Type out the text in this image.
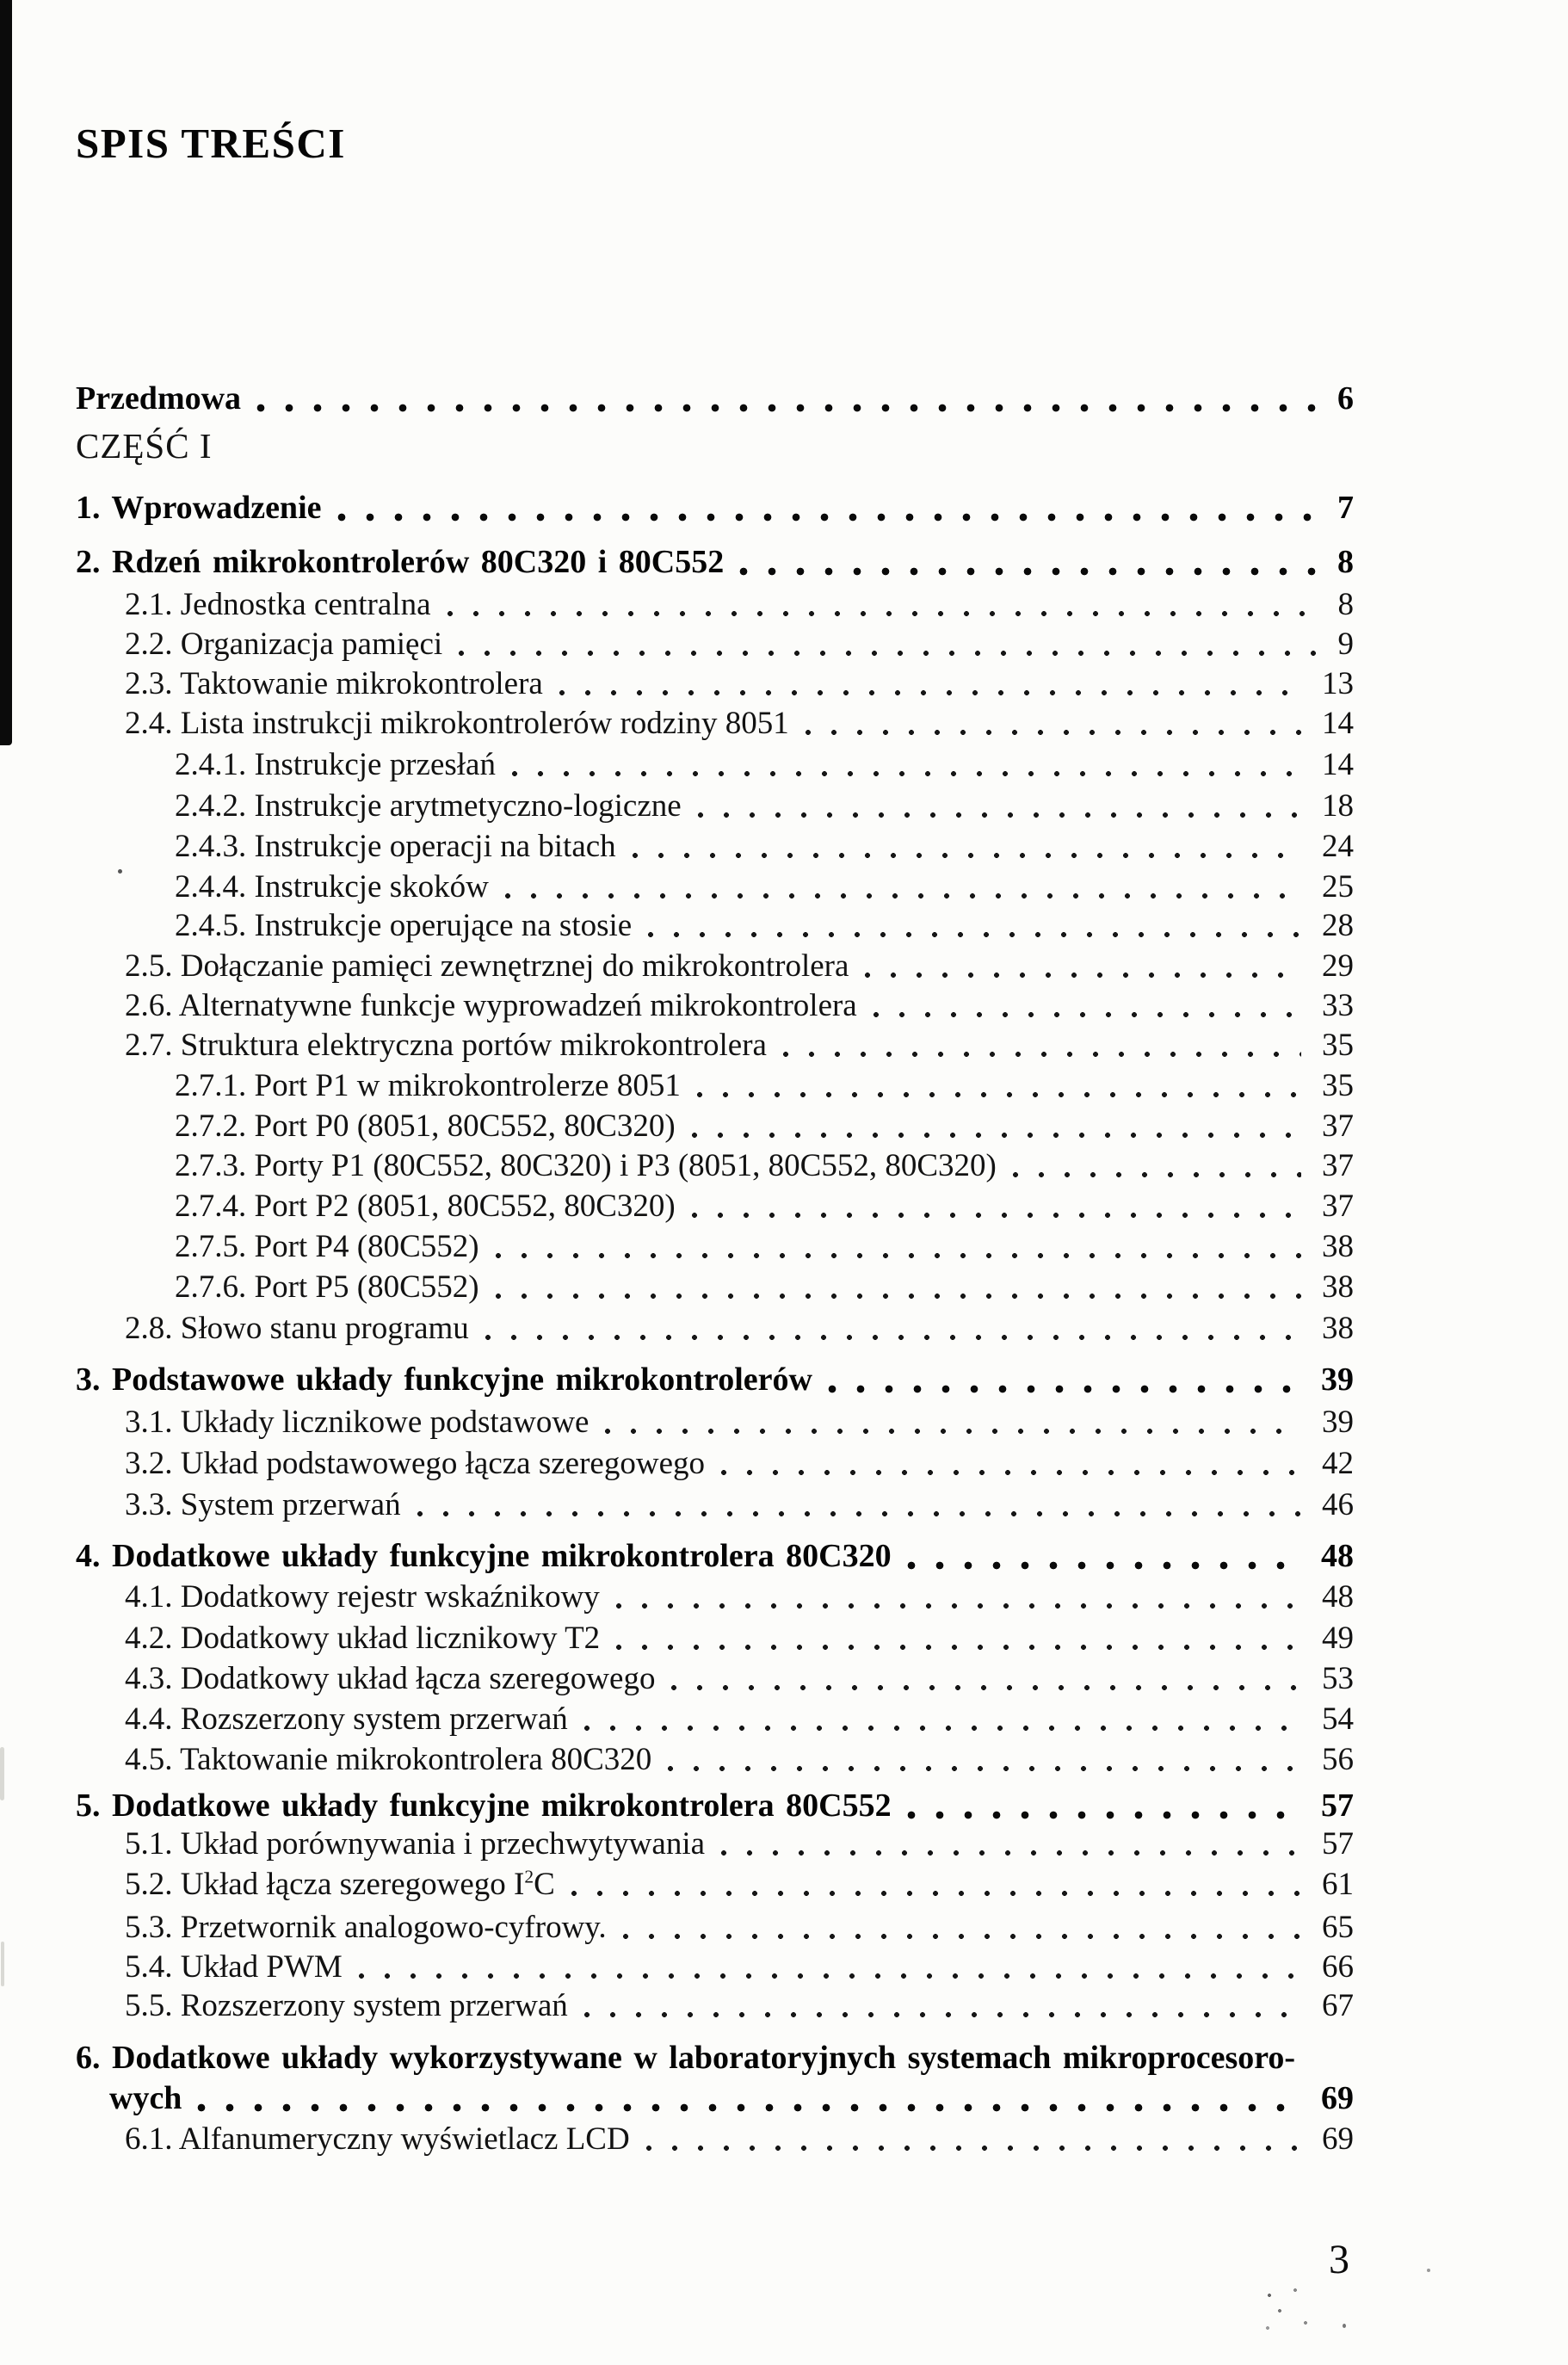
SPIS TREŚCI
Przedmowa	6
CZĘŚĆ I
1. Wprowadzenie	7
2. Rdzeń mikrokontrolerów 80C320 i 80C552	8
2.1. Jednostka centralna	8
2.2. Organizacja pamięci	9
2.3. Taktowanie mikrokontrolera	13
2.4. Lista instrukcji mikrokontrolerów rodziny 8051	14
2.4.1. Instrukcje przesłań	14
2.4.2. Instrukcje arytmetyczno-logiczne	18
2.4.3. Instrukcje operacji na bitach	24
2.4.4. Instrukcje skoków	25
2.4.5. Instrukcje operujące na stosie	28
2.5. Dołączanie pamięci zewnętrznej do mikrokontrolera	29
2.6. Alternatywne funkcje wyprowadzeń mikrokontrolera	33
2.7. Struktura elektryczna portów mikrokontrolera	35
2.7.1. Port P1 w mikrokontrolerze 8051	35
2.7.2. Port P0 (8051, 80C552, 80C320)	37
2.7.3. Porty P1 (80C552, 80C320) i P3 (8051, 80C552, 80C320)	37
2.7.4. Port P2 (8051, 80C552, 80C320)	37
2.7.5. Port P4 (80C552)	38
2.7.6. Port P5 (80C552)	38
2.8. Słowo stanu programu	38
3. Podstawowe układy funkcyjne mikrokontrolerów	39
3.1. Układy licznikowe podstawowe	39
3.2. Układ podstawowego łącza szeregowego	42
3.3. System przerwań	46
4. Dodatkowe układy funkcyjne mikrokontrolera 80C320	48
4.1. Dodatkowy rejestr wskaźnikowy	48
4.2. Dodatkowy układ licznikowy T2	49
4.3. Dodatkowy układ łącza szeregowego	53
4.4. Rozszerzony system przerwań	54
4.5. Taktowanie mikrokontrolera 80C320	56
5. Dodatkowe układy funkcyjne mikrokontrolera 80C552	57
5.1. Układ porównywania i przechwytywania	57
5.2. Układ łącza szeregowego $I^2C$	61
5.3. Przetwornik analogowo-cyfrowy.	65
5.4. Układ PWM	66
5.5. Rozszerzony system przerwań	67
6. Dodatkowe układy wykorzystywane w laboratoryjnych systemach mikroprocesoro-
wych	69
6.1. Alfanumeryczny wyświetlacz LCD	69
3
